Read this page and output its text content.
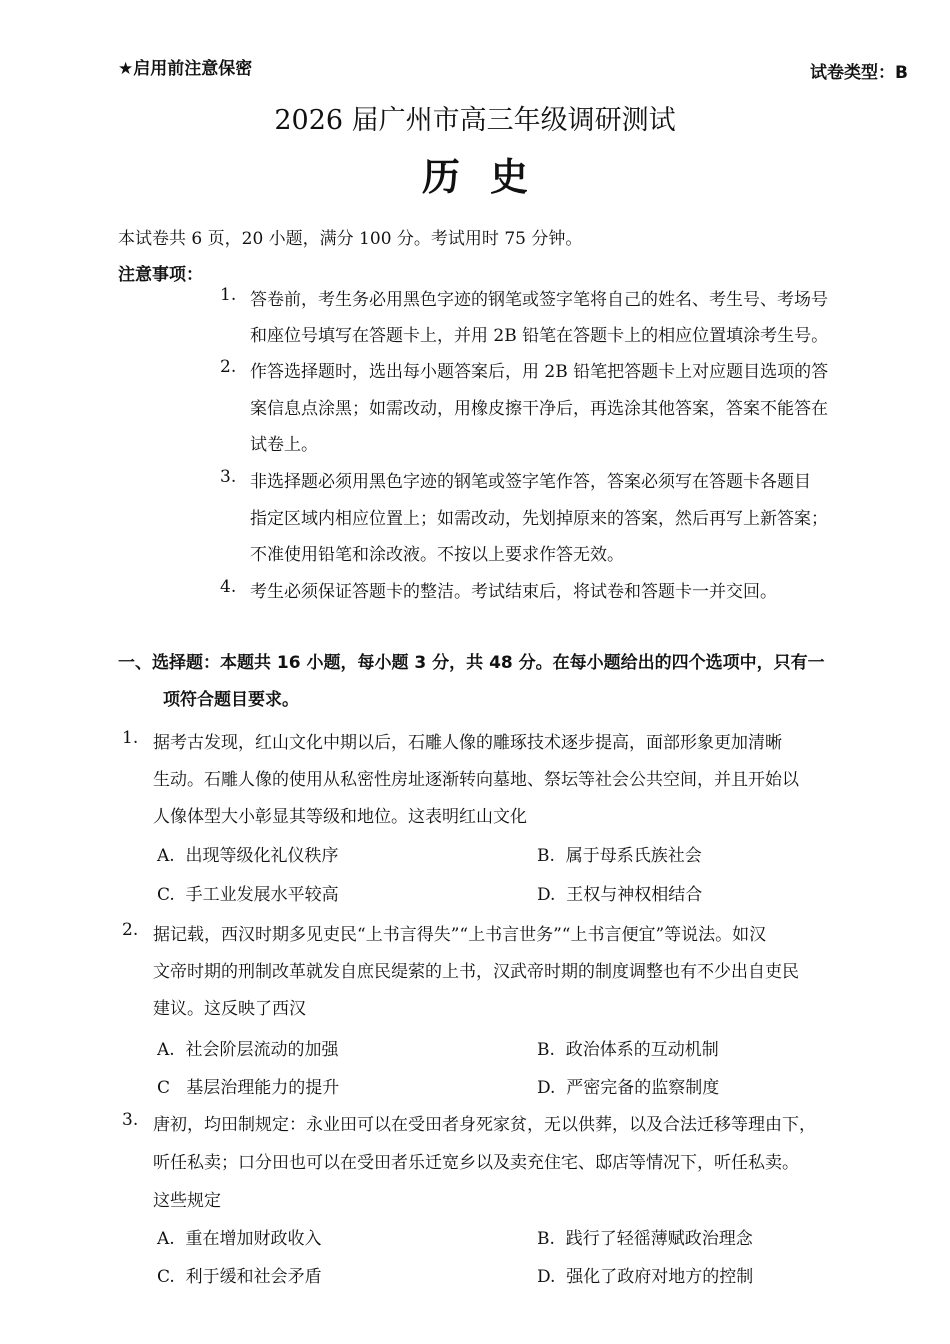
★启用前注意保密	试卷类型：B
2026 届广州市高三年级调研测试
历史
本试卷共 6 页，20 小题，满分 100 分。考试用时 75 分钟。
注意事项：
1. 答卷前，考生务必用黑色字迹的钢笔或签字笔将自己的姓名、考生号、考场号
和座位号填写在答题卡上，并用 2B 铅笔在答题卡上的相应位置填涂考生号。
2. 作答选择题时，选出每小题答案后，用 2B 铅笔把答题卡上对应题目选项的答
案信息点涂黑；如需改动，用橡皮擦干净后，再选涂其他答案，答案不能答在
试卷上。
3. 非选择题必须用黑色字迹的钢笔或签字笔作答，答案必须写在答题卡各题目
指定区域内相应位置上；如需改动，先划掉原来的答案，然后再写上新答案；
不准使用铅笔和涂改液。不按以上要求作答无效。
4. 考生必须保证答题卡的整洁。考试结束后，将试卷和答题卡一并交回。
一、选择题：本题共 16 小题，每小题 3 分，共 48 分。在每小题给出的四个选项中，只有一
项符合题目要求。
1. 据考古发现，红山文化中期以后，石雕人像的雕琢技术逐步提高，面部形象更加清晰
生动。石雕人像的使用从私密性房址逐渐转向墓地、祭坛等社会公共空间，并且开始以
人像体型大小彰显其等级和地位。这表明红山文化
A. 出现等级化礼仪秩序	B. 属于母系氏族社会
C. 手工业发展水平较高	D. 王权与神权相结合
2. 据记载，西汉时期多见吏民“上书言得失”“上书言世务”“上书言便宜”等说法。如汉
文帝时期的刑制改革就发自庶民缇萦的上书，汉武帝时期的制度调整也有不少出自吏民
建议。这反映了西汉
A. 社会阶层流动的加强	B. 政治体系的互动机制
C 基层治理能力的提升	D. 严密完备的监察制度
3. 唐初，均田制规定：永业田可以在受田者身死家贫，无以供葬，以及合法迁移等理由下，
听任私卖；口分田也可以在受田者乐迁宽乡以及卖充住宅、邸店等情况下，听任私卖。
这些规定
A. 重在增加财政收入	B. 践行了轻徭薄赋政治理念
C. 利于缓和社会矛盾	D. 强化了政府对地方的控制
